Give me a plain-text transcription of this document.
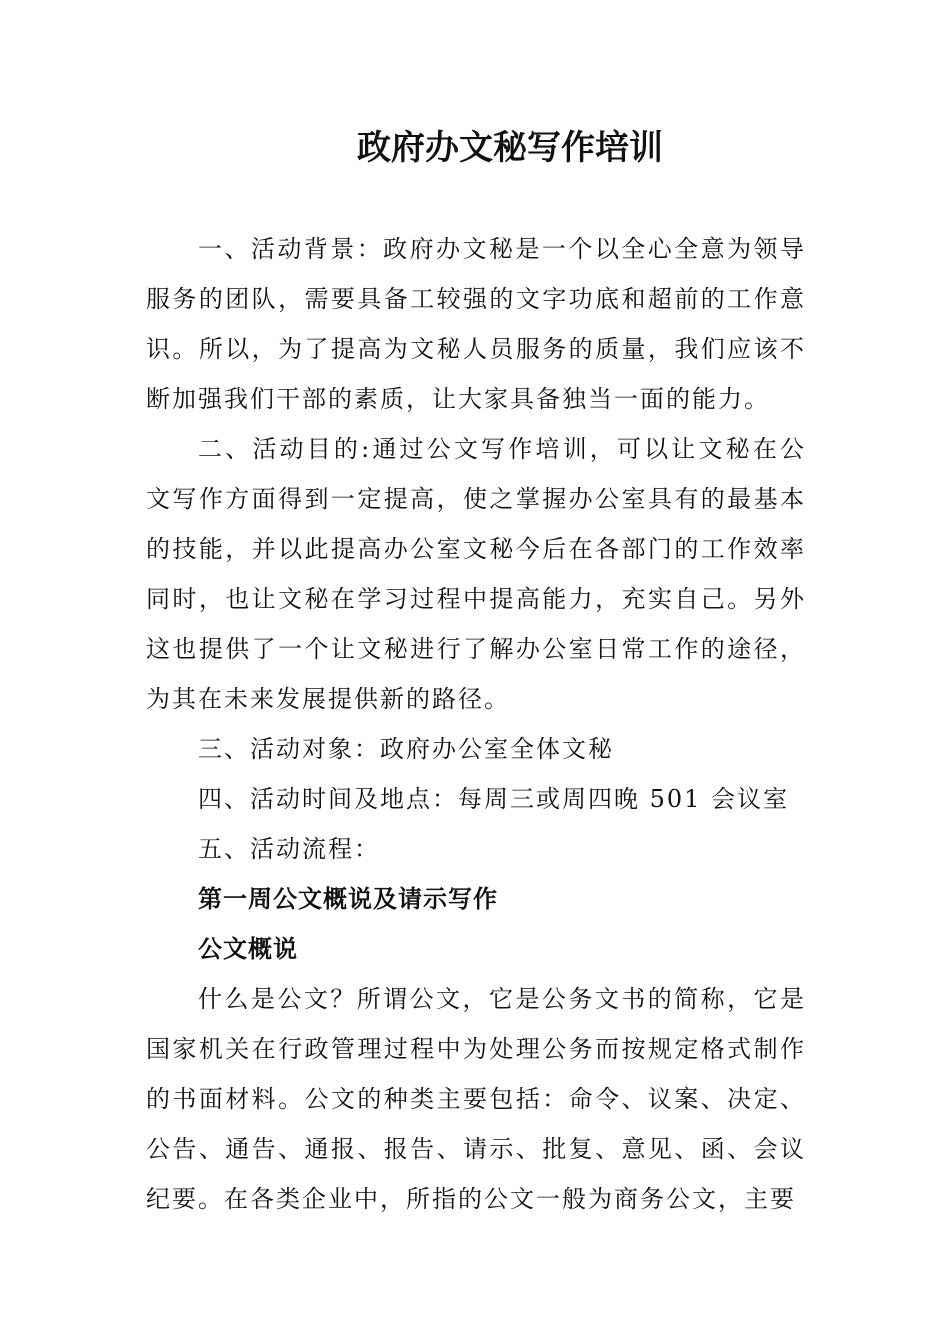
政府办文秘写作培训

一、活动背景：政府办文秘是一个以全心全意为领导服务的团队，需要具备工较强的文字功底和超前的工作意识。所以，为了提高为文秘人员服务的质量，我们应该不断加强我们干部的素质，让大家具备独当一面的能力。

二、活动目的:通过公文写作培训，可以让文秘在公文写作方面得到一定提高，使之掌握办公室具有的最基本的技能，并以此提高办公室文秘今后在各部门的工作效率同时，也让文秘在学习过程中提高能力，充实自己。另外这也提供了一个让文秘进行了解办公室日常工作的途径，为其在未来发展提供新的路径。

三、活动对象：政府办公室全体文秘

四、活动时间及地点：每周三或周四晚 501 会议室

五、活动流程：

第一周公文概说及请示写作

公文概说

什么是公文？所谓公文，它是公务文书的简称，它是国家机关在行政管理过程中为处理公务而按规定格式制作的书面材料。公文的种类主要包括：命令、议案、决定、公告、通告、通报、报告、请示、批复、意见、函、会议纪要。在各类企业中，所指的公文一般为商务公文，主要
